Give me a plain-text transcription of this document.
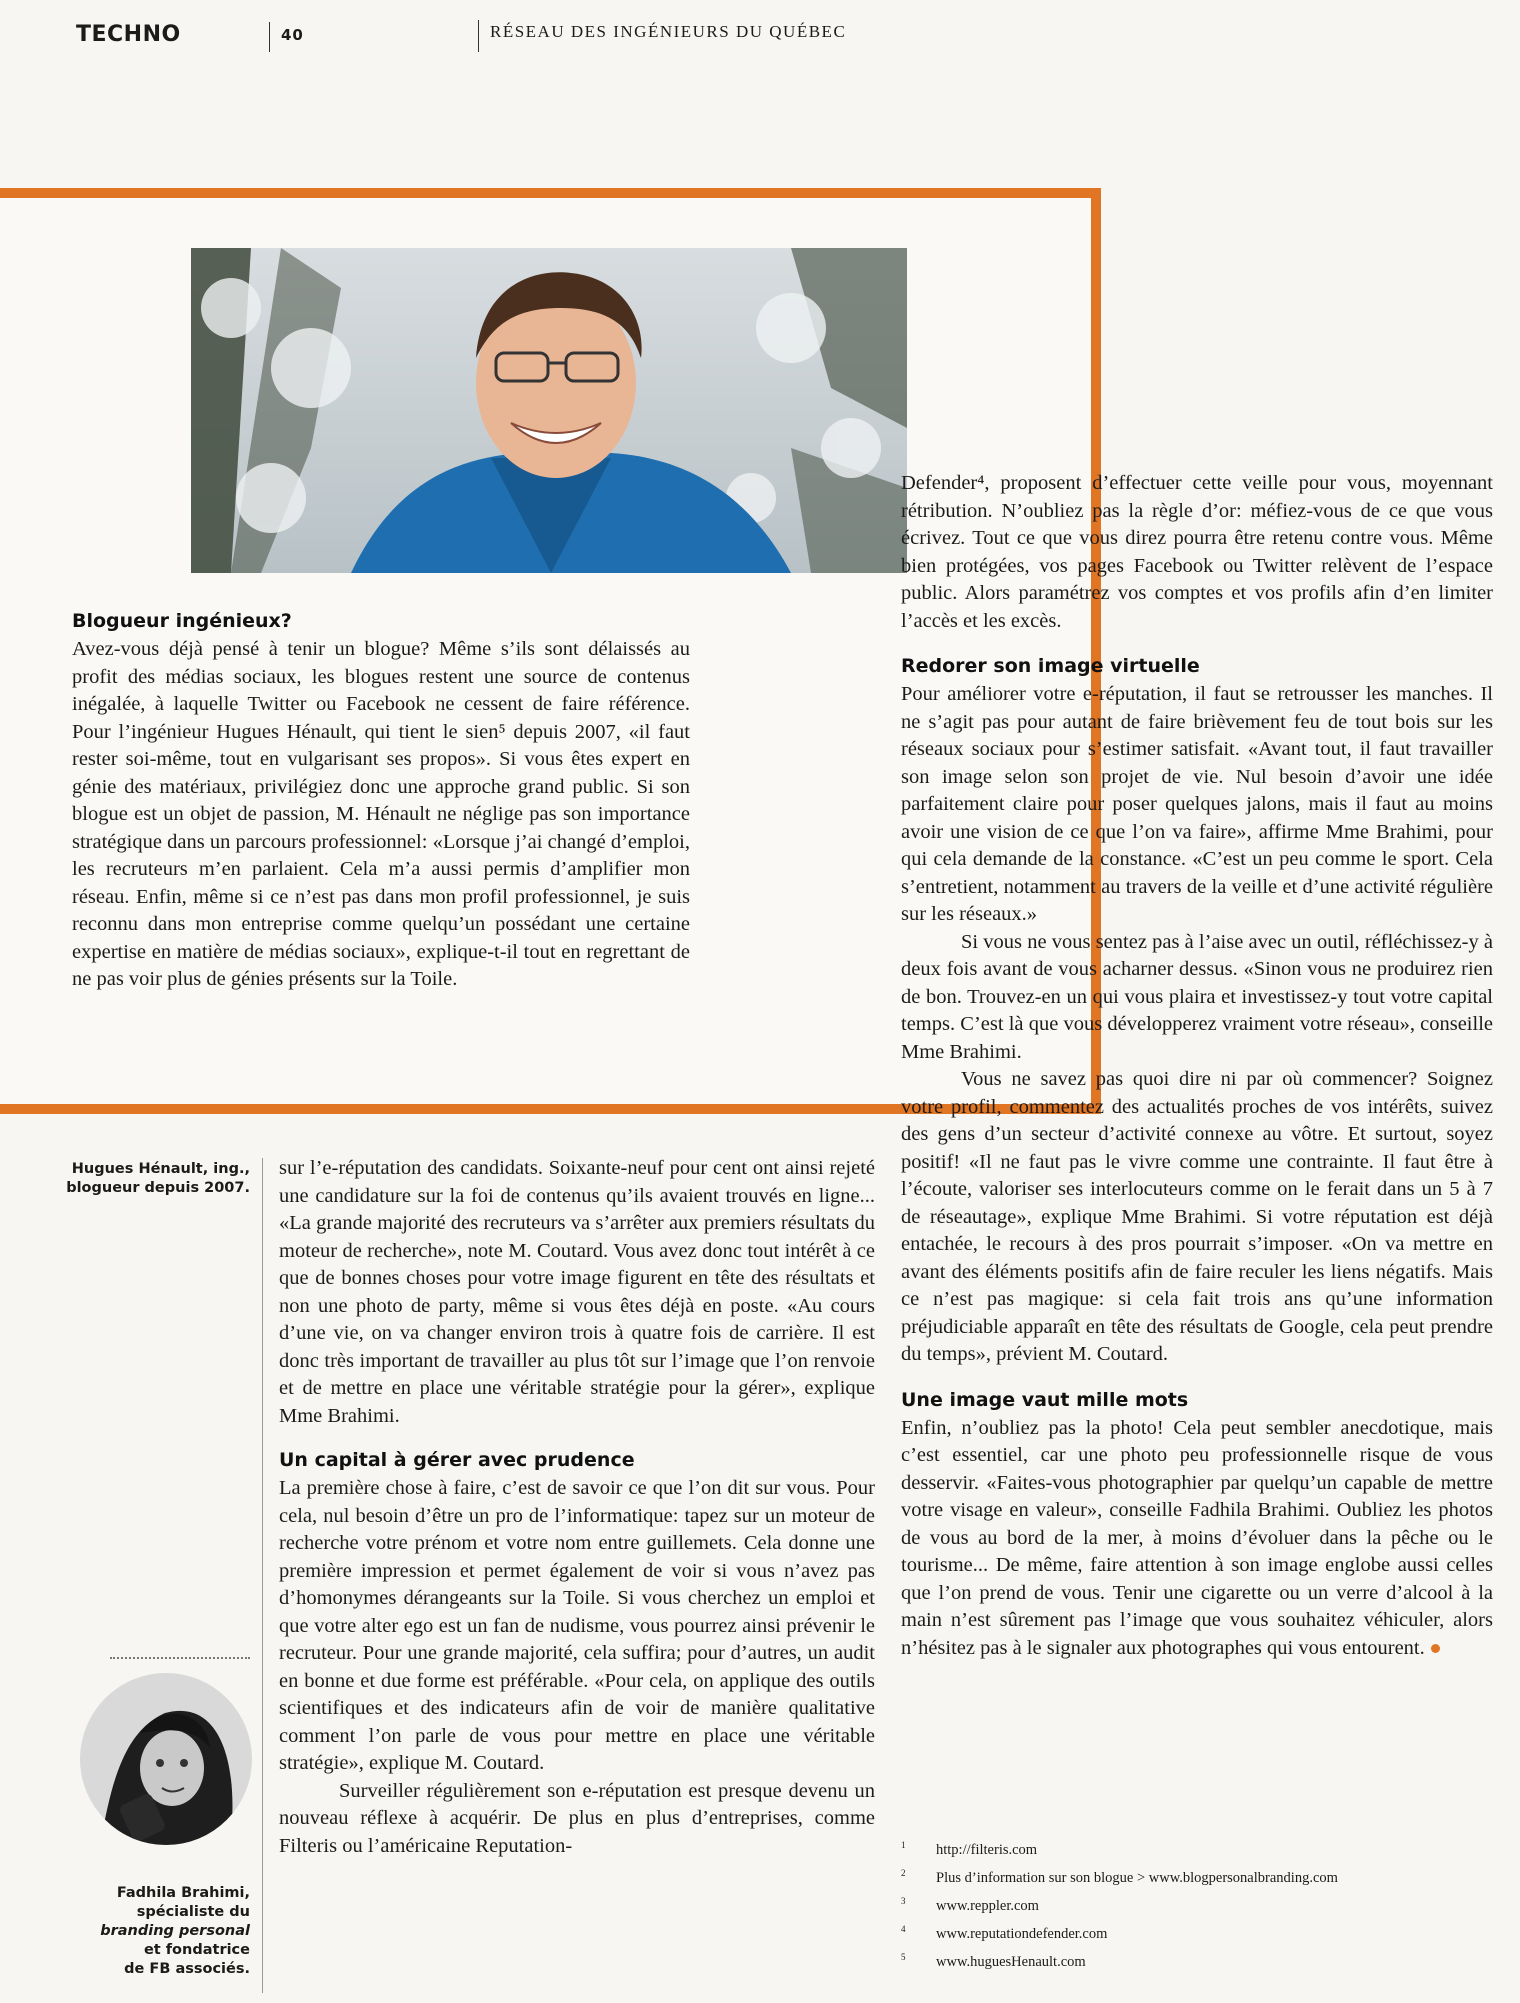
TECHNO	40	RÉSEAU DES INGÉNIEURS DU QUÉBEC
Blogueur ingénieux?

Avez-vous déjà pensé à tenir un blogue? Même s’ils sont délaissés au profit des médias sociaux, les blogues restent une source de contenus inégalée, à laquelle Twitter ou Facebook ne cessent de faire référence. Pour l’ingénieur Hugues Hénault, qui tient le sien⁵ depuis 2007, «il faut rester soi-même, tout en vulgarisant ses propos». Si vous êtes expert en génie des matériaux, privilégiez donc une approche grand public. Si son blogue est un objet de passion, M. Hénault ne néglige pas son importance stratégique dans un parcours professionnel: «Lorsque j’ai changé d’emploi, les recruteurs m’en parlaient. Cela m’a aussi permis d’amplifier mon réseau. Enfin, même si ce n’est pas dans mon profil professionnel, je suis reconnu dans mon entreprise comme quelqu’un possédant une certaine expertise en matière de médias sociaux», explique-t-il tout en regrettant de ne pas voir plus de génies présents sur la Toile.

Hugues Hénault, ing., blogueur depuis 2007.
Fadhila Brahimi,
spécialiste du
branding personal
et fondatrice
de FB associés.

sur l’e-réputation des candidats. Soixante-neuf pour cent ont ainsi rejeté une candidature sur la foi de contenus qu’ils avaient trouvés en ligne... «La grande majorité des recruteurs va s’arrêter aux premiers résultats du moteur de recherche», note M. Coutard. Vous avez donc tout intérêt à ce que de bonnes choses pour votre image figurent en tête des résultats et non une photo de party, même si vous êtes déjà en poste. «Au cours d’une vie, on va changer environ trois à quatre fois de carrière. Il est donc très important de travailler au plus tôt sur l’image que l’on renvoie et de mettre en place une véritable stratégie pour la gérer», explique Mme Brahimi.

Un capital à gérer avec prudence

La première chose à faire, c’est de savoir ce que l’on dit sur vous. Pour cela, nul besoin d’être un pro de l’informatique: tapez sur un moteur de recherche votre prénom et votre nom entre guillemets. Cela donne une première impression et permet également de voir si vous n’avez pas d’homonymes dérangeants sur la Toile. Si vous cherchez un emploi et que votre alter ego est un fan de nudisme, vous pourrez ainsi prévenir le recruteur. Pour une grande majorité, cela suffira; pour d’autres, un audit en bonne et due forme est préférable. «Pour cela, on applique des outils scientifiques et des indicateurs afin de voir de manière qualitative comment l’on parle de vous pour mettre en place une véritable stratégie», explique M. Coutard.

Surveiller régulièrement son e-réputation est presque devenu un nouveau réflexe à acquérir. De plus en plus d’entreprises, comme Filteris ou l’américaine Reputation-

Defender⁴, proposent d’effectuer cette veille pour vous, moyennant rétribution. N’oubliez pas la règle d’or: méfiez-vous de ce que vous écrivez. Tout ce que vous direz pourra être retenu contre vous. Même bien protégées, vos pages Facebook ou Twitter relèvent de l’espace public. Alors paramétrez vos comptes et vos profils afin d’en limiter l’accès et les excès.

Redorer son image virtuelle

Pour améliorer votre e-réputation, il faut se retrousser les manches. Il ne s’agit pas pour autant de faire brièvement feu de tout bois sur les réseaux sociaux pour s’estimer satisfait. «Avant tout, il faut travailler son image selon son projet de vie. Nul besoin d’avoir une idée parfaitement claire pour poser quelques jalons, mais il faut au moins avoir une vision de ce que l’on va faire», affirme Mme Brahimi, pour qui cela demande de la constance. «C’est un peu comme le sport. Cela s’entretient, notamment au travers de la veille et d’une activité régulière sur les réseaux.»

Si vous ne vous sentez pas à l’aise avec un outil, réfléchissez-y à deux fois avant de vous acharner dessus. «Sinon vous ne produirez rien de bon. Trouvez-en un qui vous plaira et investissez-y tout votre capital temps. C’est là que vous développerez vraiment votre réseau», conseille Mme Brahimi.

Vous ne savez pas quoi dire ni par où commencer? Soignez votre profil, commentez des actualités proches de vos intérêts, suivez des gens d’un secteur d’activité connexe au vôtre. Et surtout, soyez positif! «Il ne faut pas le vivre comme une contrainte. Il faut être à l’écoute, valoriser ses interlocuteurs comme on le ferait dans un 5 à 7 de réseautage», explique Mme Brahimi. Si votre réputation est déjà entachée, le recours à des pros pourrait s’imposer. «On va mettre en avant des éléments positifs afin de faire reculer les liens négatifs. Mais ce n’est pas magique: si cela fait trois ans qu’une information préjudiciable apparaît en tête des résultats de Google, cela peut prendre du temps», prévient M. Coutard.

Une image vaut mille mots

Enfin, n’oubliez pas la photo! Cela peut sembler anecdotique, mais c’est essentiel, car une photo peu professionnelle risque de vous desservir. «Faites-vous photographier par quelqu’un capable de mettre votre visage en valeur», conseille Fadhila Brahimi. Oubliez les photos de vous au bord de la mer, à moins d’évoluer dans la pêche ou le tourisme... De même, faire attention à son image englobe aussi celles que l’on prend de vous. Tenir une cigarette ou un verre d’alcool à la main n’est sûrement pas l’image que vous souhaitez véhiculer, alors n’hésitez pas à le signaler aux photographes qui vous entourent.

1	http://filteris.com
2	Plus d’information sur son blogue > www.blogpersonalbranding.com
3	www.reppler.com
4	www.reputationdefender.com
5	www.huguesHenault.com
